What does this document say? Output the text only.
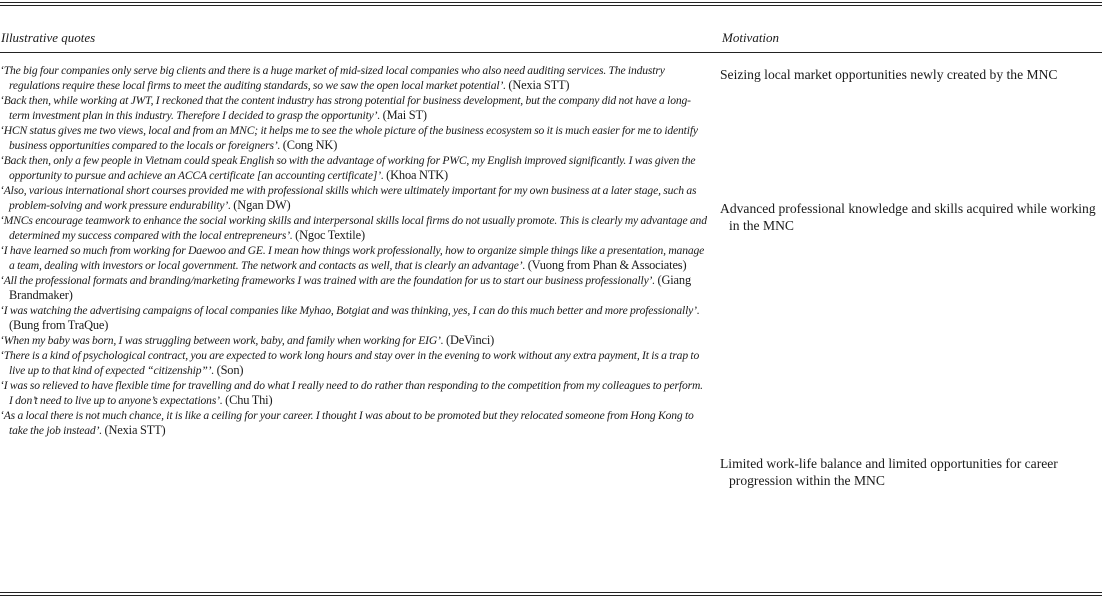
Illustrative quotes	Motivation

‘The big four companies only serve big clients and there is a huge market of mid-sized local companies who also need auditing services. The industry regulations require these local firms to meet the auditing standards, so we saw the open local market potential’. (Nexia STT)

‘Back then, while working at JWT, I reckoned that the content industry has strong potential for business development, but the company did not have a long-term investment plan in this industry. Therefore I decided to grasp the opportunity’. (Mai ST)

‘HCN status gives me two views, local and from an MNC; it helps me to see the whole picture of the business ecosystem so it is much easier for me to identify business opportunities compared to the locals or foreigners’. (Cong NK)

‘Back then, only a few people in Vietnam could speak English so with the advantage of working for PWC, my English improved significantly. I was given the opportunity to pursue and achieve an ACCA certificate [an accounting certificate]’. (Khoa NTK)

‘Also, various international short courses provided me with professional skills which were ultimately important for my own business at a later stage, such as problem-solving and work pressure endurability’. (Ngan DW)

‘MNCs encourage teamwork to enhance the social working skills and interpersonal skills local firms do not usually promote. This is clearly my advantage and determined my success compared with the local entrepreneurs’. (Ngoc Textile)

‘I have learned so much from working for Daewoo and GE. I mean how things work professionally, how to organize simple things like a presentation, manage a team, dealing with investors or local government. The network and contacts as well, that is clearly an advantage’. (Vuong from Phan & Associates)

‘All the professional formats and branding/marketing frameworks I was trained with are the foundation for us to start our business professionally’. (Giang Brandmaker)

‘I was watching the advertising campaigns of local companies like Myhao, Botgiat and was thinking, yes, I can do this much better and more professionally’. (Bung from TraQue)

‘When my baby was born, I was struggling between work, baby, and family when working for EIG’. (DeVinci)

‘There is a kind of psychological contract, you are expected to work long hours and stay over in the evening to work without any extra payment, It is a trap to live up to that kind of expected “citizenship”’. (Son)

‘I was so relieved to have flexible time for travelling and do what I really need to do rather than responding to the competition from my colleagues to perform. I don’t need to live up to anyone’s expectations’. (Chu Thi)

‘As a local there is not much chance, it is like a ceiling for your career. I thought I was about to be promoted but they relocated someone from Hong Kong to take the job instead’. (Nexia STT)

Seizing local market opportunities newly created by the MNC
Advanced professional knowledge and skills acquired while working in the MNC
Limited work-life balance and limited opportunities for career progression within the MNC
